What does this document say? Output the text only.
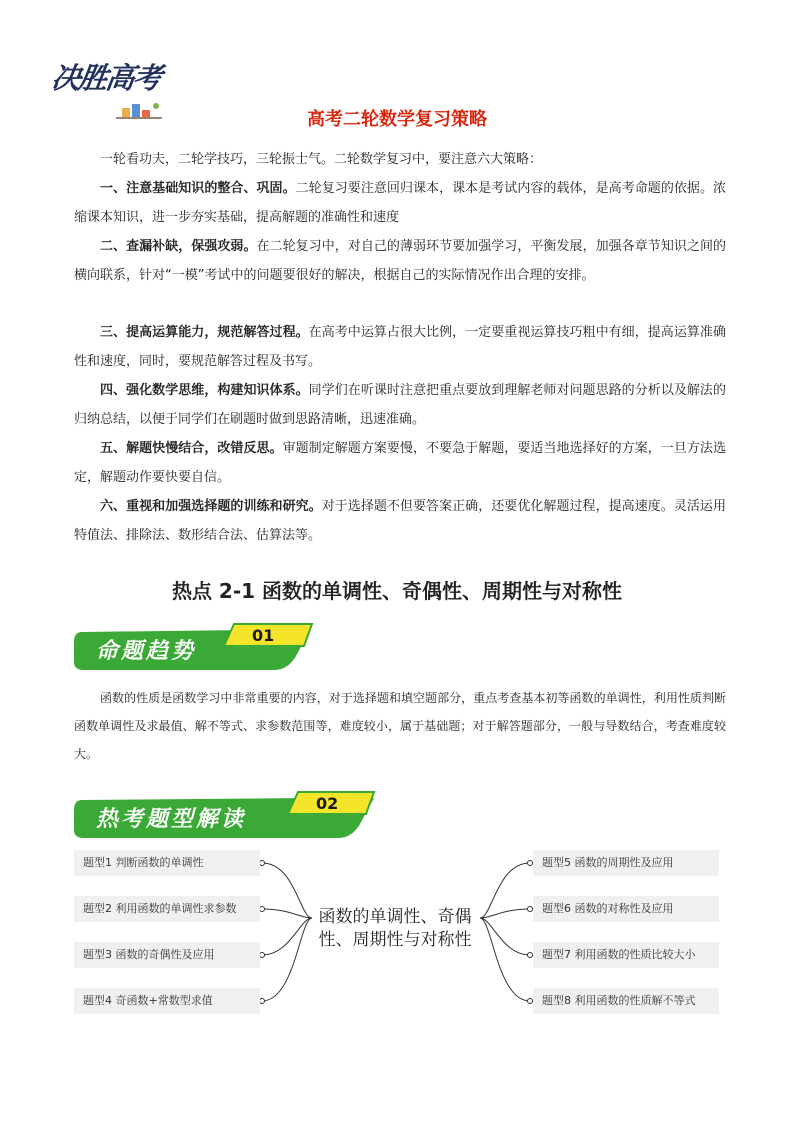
决胜高考
高考二轮数学复习策略
一轮看功夫，二轮学技巧，三轮振士气。二轮数学复习中，要注意六大策略：
一、注意基础知识的整合、巩固。二轮复习要注意回归课本，课本是考试内容的载体，是高考命题的依据。浓缩课本知识，进一步夯实基础，提高解题的准确性和速度
二、查漏补缺，保强攻弱。在二轮复习中，对自己的薄弱环节要加强学习，平衡发展，加强各章节知识之间的横向联系，针对“一模”考试中的问题要很好的解决，根据自己的实际情况作出合理的安排。
三、提高运算能力，规范解答过程。在高考中运算占很大比例，一定要重视运算技巧粗中有细，提高运算准确性和速度，同时，要规范解答过程及书写。
四、强化数学思维，构建知识体系。同学们在听课时注意把重点要放到理解老师对问题思路的分析以及解法的归纳总结，以便于同学们在刷题时做到思路清晰，迅速准确。
五、解题快慢结合，改错反思。审题制定解题方案要慢，不要急于解题，要适当地选择好的方案，一旦方法选定，解题动作要快要自信。
六、重视和加强选择题的训练和研究。对于选择题不但要答案正确，还要优化解题过程，提高速度。灵活运用特值法、排除法、数形结合法、估算法等。
热点 2-1 函数的单调性、奇偶性、周期性与对称性
命题趋势
01
函数的性质是函数学习中非常重要的内容，对于选择题和填空题部分，重点考查基本初等函数的单调性，利用性质判断函数单调性及求最值、解不等式、求参数范围等，难度较小，属于基础题；对于解答题部分，一般与导数结合，考查难度较大。
热考题型解读
02
题型1 判断函数的单调性
题型2 利用函数的单调性求参数
题型3 函数的奇偶性及应用
题型4 奇函数+常数型求值
题型5 函数的周期性及应用
题型6 函数的对称性及应用
题型7 利用函数的性质比较大小
题型8 利用函数的性质解不等式
函数的单调性、奇偶性、周期性与对称性
